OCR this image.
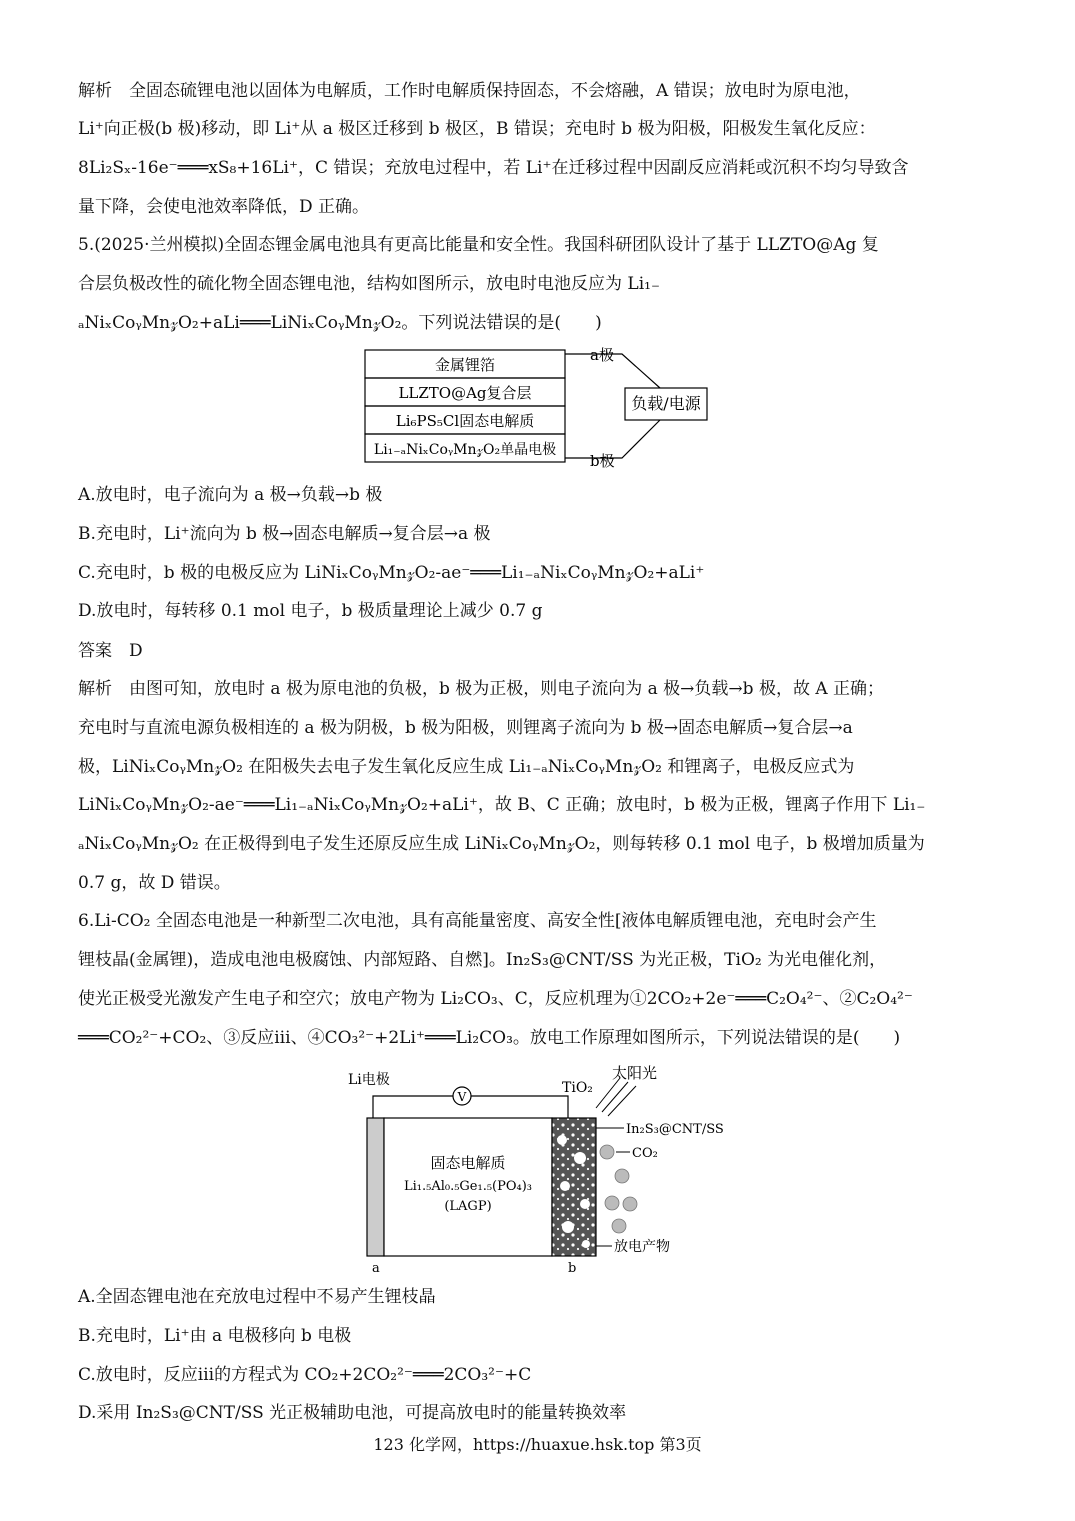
解析　全固态硫锂电池以固体为电解质，工作时电解质保持固态，不会熔融，A 错误；放电时为原电池，
Li⁺向正极(b 极)移动，即 Li⁺从 a 极区迁移到 b 极区，B 错误；充电时 b 极为阳极，阳极发生氧化反应：
8Li₂Sₓ-16e⁻═══xS₈+16Li⁺，C 错误；充放电过程中，若 Li⁺在迁移过程中因副反应消耗或沉积不均匀导致含
量下降，会使电池效率降低，D 正确。
5.(2025·兰州模拟)全固态锂金属电池具有更高比能量和安全性。我国科研团队设计了基于 LLZTO@Ag 复
合层负极改性的硫化物全固态锂电池，结构如图所示，放电时电池反应为 Li₁₋
ₐNiₓCoᵧMn𝓏O₂+aLi═══LiNiₓCoᵧMn𝓏O₂。下列说法错误的是(　　)
金属锂箔
LLZTO@Ag复合层
Li₆PS₅Cl固态电解质
Li₁₋ₐNiₓCoᵧMn𝓏O₂单晶电极
a极
b极
负载/电源
A.放电时，电子流向为 a 极→负载→b 极
B.充电时，Li⁺流向为 b 极→固态电解质→复合层→a 极
C.充电时，b 极的电极反应为 LiNiₓCoᵧMn𝓏O₂-ae⁻═══Li₁₋ₐNiₓCoᵧMn𝓏O₂+aLi⁺
D.放电时，每转移 0.1 mol 电子，b 极质量理论上减少 0.7 g
答案　D
解析　由图可知，放电时 a 极为原电池的负极，b 极为正极，则电子流向为 a 极→负载→b 极，故 A 正确；
充电时与直流电源负极相连的 a 极为阴极，b 极为阳极，则锂离子流向为 b 极→固态电解质→复合层→a
极，LiNiₓCoᵧMn𝓏O₂ 在阳极失去电子发生氧化反应生成 Li₁₋ₐNiₓCoᵧMn𝓏O₂ 和锂离子，电极反应式为
LiNiₓCoᵧMn𝓏O₂-ae⁻═══Li₁₋ₐNiₓCoᵧMn𝓏O₂+aLi⁺，故 B、C 正确；放电时，b 极为正极，锂离子作用下 Li₁₋
ₐNiₓCoᵧMn𝓏O₂ 在正极得到电子发生还原反应生成 LiNiₓCoᵧMn𝓏O₂，则每转移 0.1 mol 电子，b 极增加质量为
0.7 g，故 D 错误。
6.Li-CO₂ 全固态电池是一种新型二次电池，具有高能量密度、高安全性[液体电解质锂电池，充电时会产生
锂枝晶(金属锂)，造成电池电极腐蚀、内部短路、自燃]。In₂S₃@CNT/SS 为光正极，TiO₂ 为光电催化剂，
使光正极受光激发产生电子和空穴；放电产物为 Li₂CO₃、C，反应机理为①2CO₂+2e⁻═══C₂O₄²⁻、②C₂O₄²⁻
═══CO₂²⁻+CO₂、③反应ⅲ、④CO₃²⁻+2Li⁺═══Li₂CO₃。放电工作原理如图所示，下列说法错误的是(　　)
V
Li电极	TiO₂
太阳光
固态电解质
Li₁.₅Al₀.₅Ge₁.₅(PO₄)₃
(LAGP)
In₂S₃@CNT/SS
CO₂
放电产物
a	b
A.全固态锂电池在充放电过程中不易产生锂枝晶
B.充电时，Li⁺由 a 电极移向 b 电极
C.放电时，反应ⅲ的方程式为 CO₂+2CO₂²⁻═══2CO₃²⁻+C
D.采用 In₂S₃@CNT/SS 光正极辅助电池，可提高放电时的能量转换效率
123 化学网，https://huaxue.hsk.top 第3页
